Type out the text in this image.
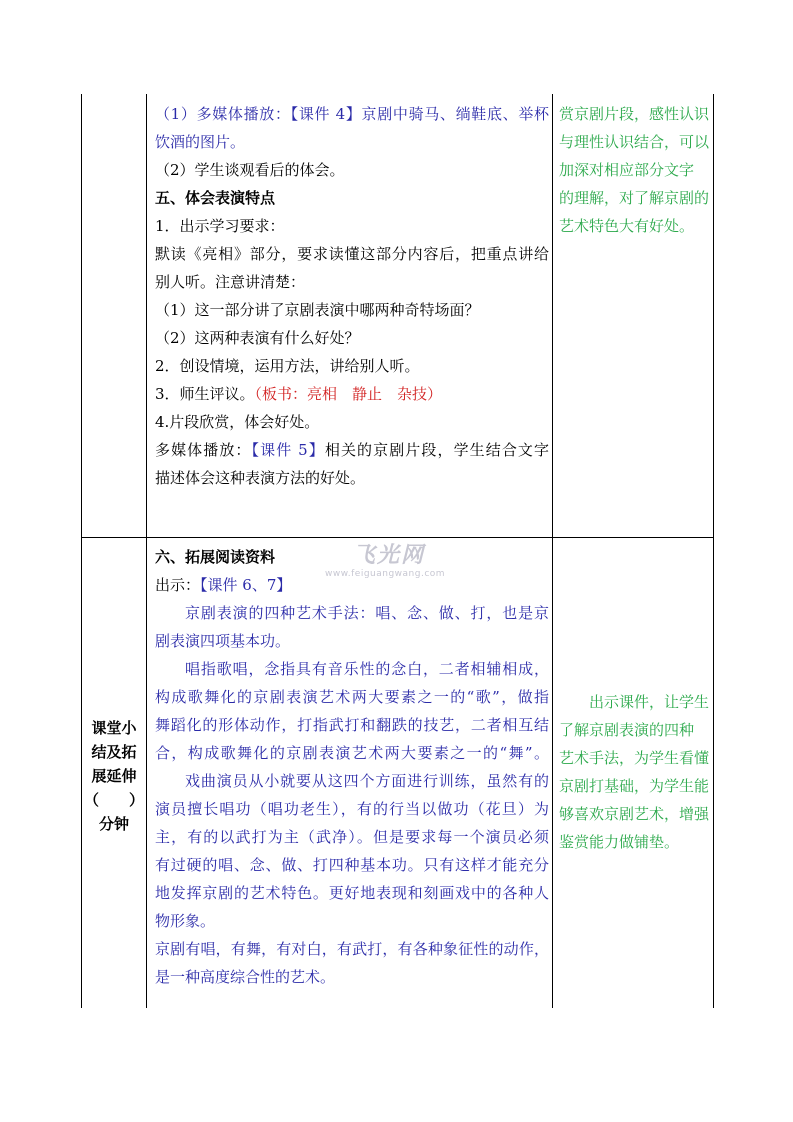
（1）多媒体播放：【课件 4】京剧中骑马、绱鞋底、举杯
饮酒的图片。
（2）学生谈观看后的体会。
五、体会表演特点
1．出示学习要求：
默读《亮相》部分，要求读懂这部分内容后，把重点讲给
别人听。注意讲清楚：
（1）这一部分讲了京剧表演中哪两种奇特场面？
（2）这两种表演有什么好处？
2．创设情境，运用方法，讲给别人听。
3．师生评议。（板书：亮相　静止　杂技）
4.片段欣赏，体会好处。
多媒体播放：【课件 5】相关的京剧片段，学生结合文字
描述体会这种表演方法的好处。
赏京剧片段，感性认识
与理性认识结合，可以
加深对相应部分文字
的理解，对了解京剧的
艺术特色大有好处。
课堂小
结及拓
展延伸
（　　）
分钟
六、拓展阅读资料
出示：【课件 6、7】
京剧表演的四种艺术手法：唱、念、做、打，也是京
剧表演四项基本功。
唱指歌唱，念指具有音乐性的念白，二者相辅相成，
构成歌舞化的京剧表演艺术两大要素之一的“歌”，做指
舞蹈化的形体动作，打指武打和翻跌的技艺，二者相互结
合，构成歌舞化的京剧表演艺术两大要素之一的“舞”。
戏曲演员从小就要从这四个方面进行训练，虽然有的
演员擅长唱功（唱功老生），有的行当以做功（花旦）为
主，有的以武打为主（武净）。但是要求每一个演员必须
有过硬的唱、念、做、打四种基本功。只有这样才能充分
地发挥京剧的艺术特色。更好地表现和刻画戏中的各种人
物形象。
京剧有唱，有舞，有对白，有武打，有各种象征性的动作，
是一种高度综合性的艺术。
　　出示课件，让学生
了解京剧表演的四种
艺术手法，为学生看懂
京剧打基础，为学生能
够喜欢京剧艺术，增强
鉴赏能力做铺垫。
飞光网
www.feiguangwang.com
